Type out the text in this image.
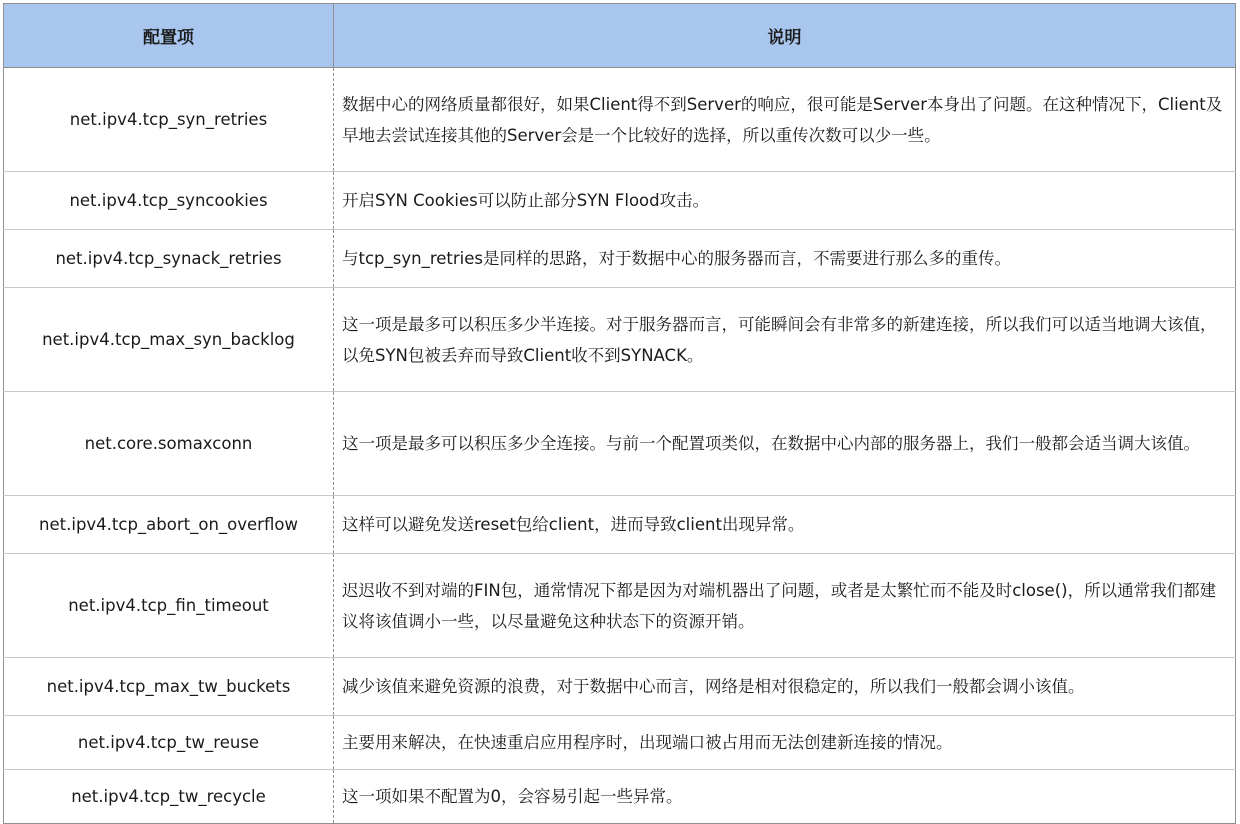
配置项	说明
net.ipv4.tcp_syn_retries	数据中心的网络质量都很好，如果Client得不到Server的响应，很可能是Server本身出了问题。在这种情况下，Client及早地去尝试连接其他的Server会是一个比较好的选择，所以重传次数可以少一些。
net.ipv4.tcp_syncookies	开启SYN Cookies可以防止部分SYN Flood攻击。
net.ipv4.tcp_synack_retries	与tcp_syn_retries是同样的思路，对于数据中心的服务器而言，不需要进行那么多的重传。
net.ipv4.tcp_max_syn_backlog	这一项是最多可以积压多少半连接。对于服务器而言，可能瞬间会有非常多的新建连接，所以我们可以适当地调大该值，以免SYN包被丢弃而导致Client收不到SYNACK。
net.core.somaxconn	这一项是最多可以积压多少全连接。与前一个配置项类似，在数据中心内部的服务器上，我们一般都会适当调大该值。
net.ipv4.tcp_abort_on_overflow	这样可以避免发送reset包给client，进而导致client出现异常。
net.ipv4.tcp_fin_timeout	迟迟收不到对端的FIN包，通常情况下都是因为对端机器出了问题，或者是太繁忙而不能及时close()，所以通常我们都建议将该值调小一些，以尽量避免这种状态下的资源开销。
net.ipv4.tcp_max_tw_buckets	减少该值来避免资源的浪费，对于数据中心而言，网络是相对很稳定的，所以我们一般都会调小该值。
net.ipv4.tcp_tw_reuse	主要用来解决，在快速重启应用程序时，出现端口被占用而无法创建新连接的情况。
net.ipv4.tcp_tw_recycle	这一项如果不配置为0，会容易引起一些异常。
